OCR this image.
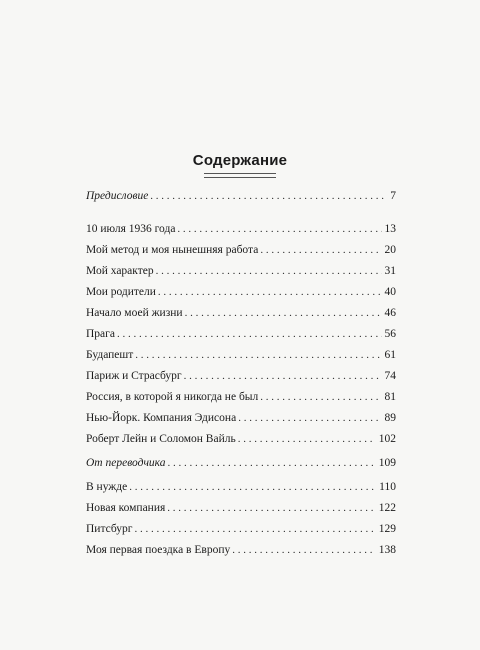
Содержание
Предисловие . . .	7
10 июля 1936 года . . .	13
Мой метод и моя нынешняя работа . . .	20
Мой характер . . .	31
Мои родители . . .	40
Начало моей жизни . . .	46
Прага . . .	56
Будапешт . . .	61
Париж и Страсбург . . .	74
Россия, в которой я никогда не был . . .	81
Нью-Йорк. Компания Эдисона . . .	89
Роберт Лейн и Соломон Вайль . . .	102
От переводчика . . .	109
В нужде . . .	110
Новая компания . . .	122
Питсбург . . .	129
Моя первая поездка в Европу . . .	138
